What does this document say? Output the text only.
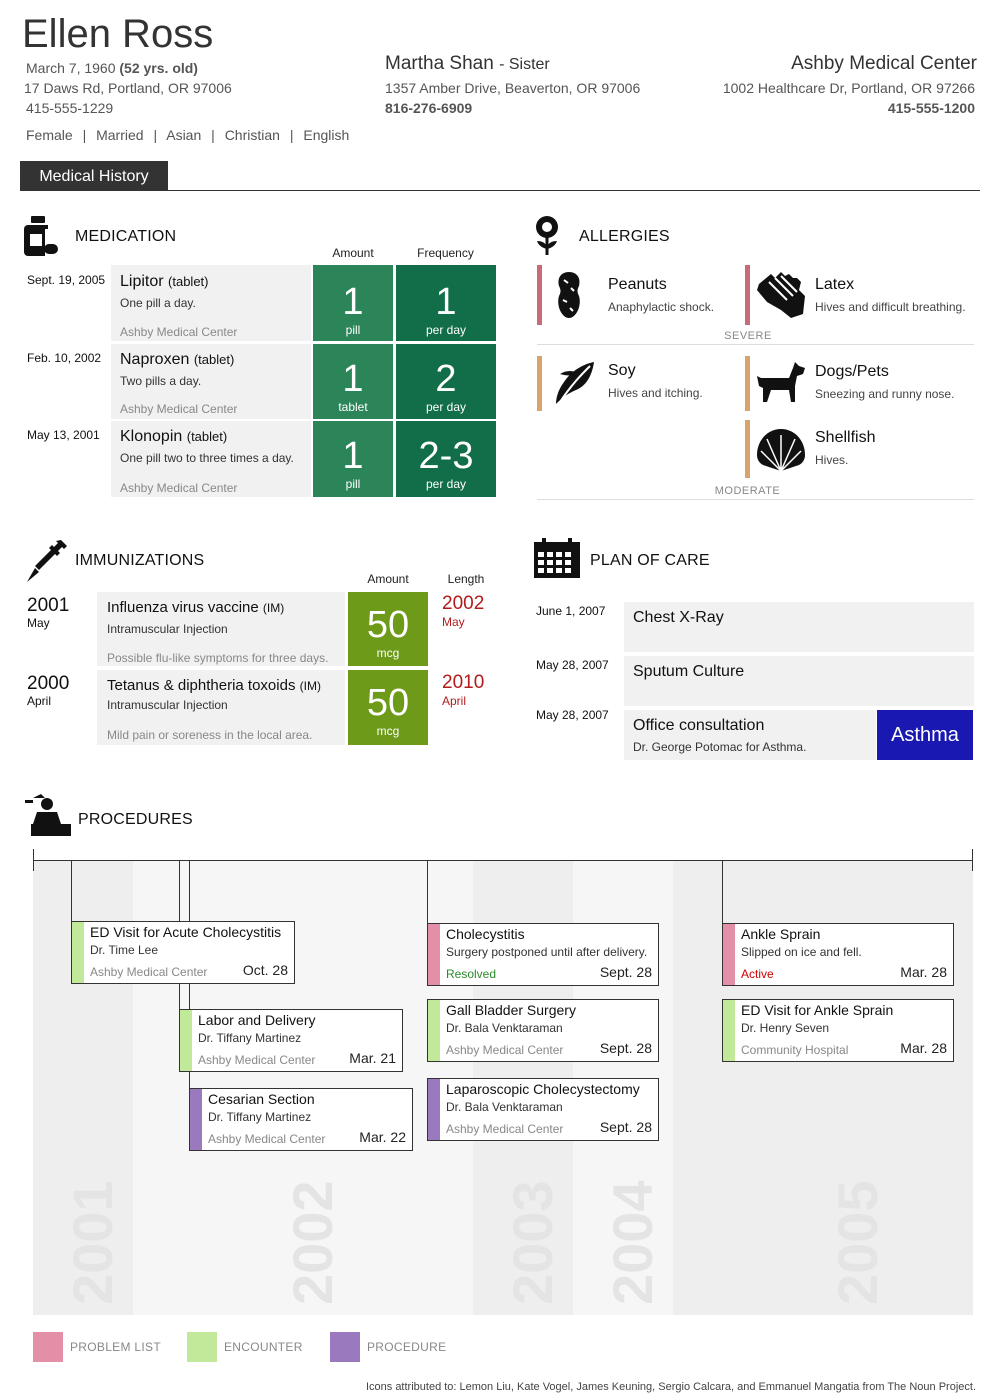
Ellen Ross
March 7, 1960 (52 yrs. old)
17 Daws Rd, Portland, OR 97006
415-555-1229
Female | Married | Asian | Christian | English
Martha Shan - Sister
1357 Amber Drive, Beaverton, OR 97006
816-276-6909
Ashby Medical Center
1002 Healthcare Dr, Portland, OR 97266
415-555-1200
Medical History
MEDICATION
Amount	Frequency
Sept. 19, 2005 Lipitor (tablet)
One pill a day.
Ashby Medical Center
1
pill
1
per day
Feb. 10, 2002 Naproxen (tablet)
Two pills a day.
Ashby Medical Center
1
tablet
2
per day
May 13, 2001 Klonopin (tablet)
One pill two to three times a day.
Ashby Medical Center
1
pill
2-3
per day
ALLERGIES
Peanuts
Anaphylactic shock.
Latex
Hives and difficult breathing.
SEVERE
Soy
Hives and itching.
Dogs/Pets
Sneezing and runny nose.
Shellfish
Hives.
MODERATE
IMMUNIZATIONS
Amount	Length
2001
May
Influenza virus vaccine (IM)
Intramuscular Injection
Possible flu-like symptoms for three days.
50
mcg
2002
May
2000
April
Tetanus & diphtheria toxoids (IM)
Intramuscular Injection
Mild pain or soreness in the local area.
50
mcg
2010
April
PLAN OF CARE
June 1, 2007 Chest X-Ray
May 28, 2007 Sputum Culture
May 28, 2007
Office consultation
Dr. George Potomac for Asthma.
Asthma
PROCEDURES
2001	2002	2003 2004	2005
ED Visit for Acute Cholecystitis
Dr. Time Lee
Ashby Medical Center	Oct. 28
Labor and Delivery
Dr. Tiffany Martinez
Ashby Medical Center Mar. 21
Cesarian Section
Dr. Tiffany Martinez
Ashby Medical Center Mar. 22
Cholecystitis
Surgery postponed until after delivery.
Resolved	Sept. 28
Gall Bladder Surgery
Dr. Bala Venktaraman
Ashby Medical Center	Sept. 28
Laparoscopic Cholecystectomy
Dr. Bala Venktaraman
Ashby Medical Center	Sept. 28
Ankle Sprain
Slipped on ice and fell.
Active	Mar. 28
ED Visit for Ankle Sprain
Dr. Henry Seven
Community Hospital	Mar. 28
PROBLEM LIST	ENCOUNTER	PROCEDURE
Icons attributed to: Lemon Liu, Kate Vogel, James Keuning, Sergio Calcara, and Emmanuel Mangatia from The Noun Project.
